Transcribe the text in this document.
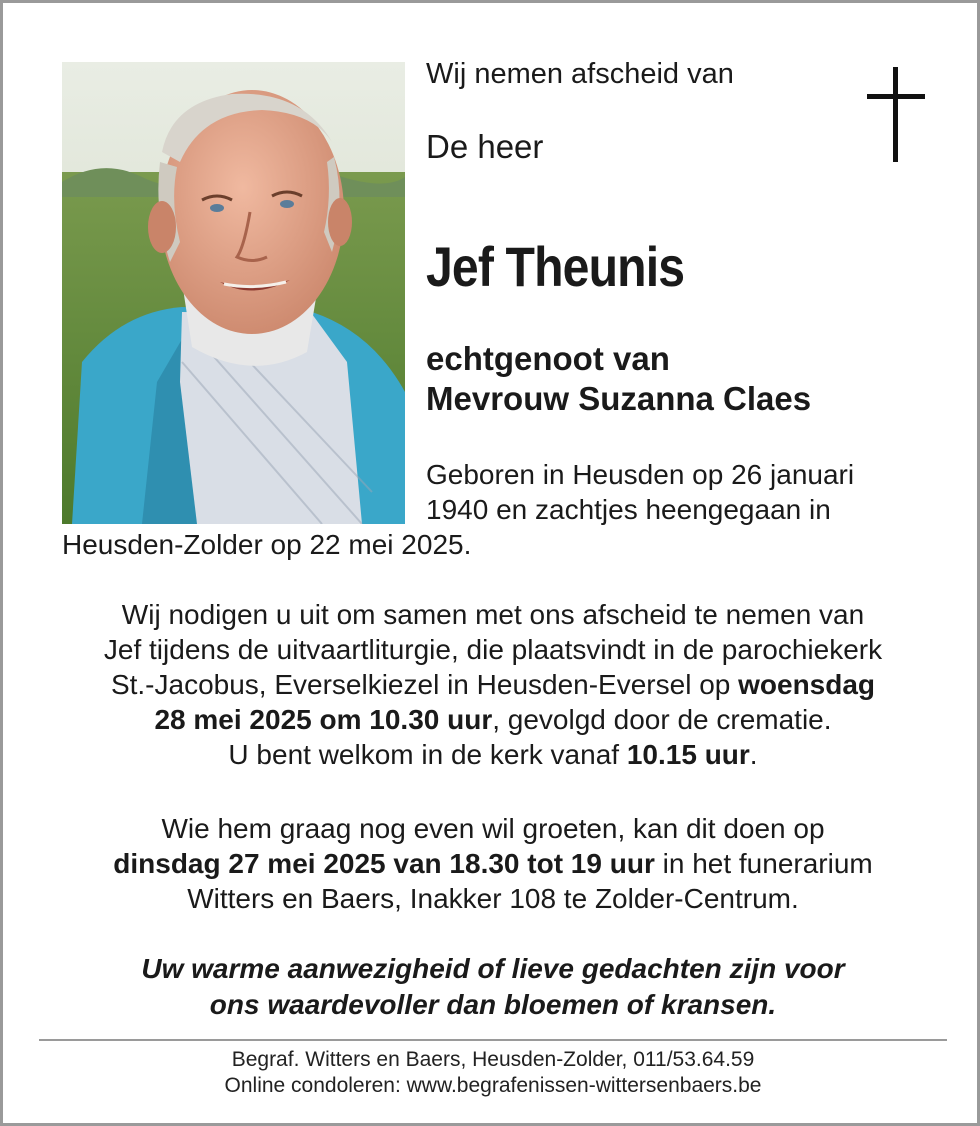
Wij nemen afscheid van
De heer
Jef Theunis
echtgenoot van
Mevrouw Suzanna Claes
Geboren in Heusden op 26 januari
1940 en zachtjes heengegaan in
Heusden-Zolder op 22 mei 2025.
Wij nodigen u uit om samen met ons afscheid te nemen van
Jef tijdens de uitvaartliturgie, die plaatsvindt in de parochiekerk
St.-Jacobus, Everselkiezel in Heusden-Eversel op woensdag
28 mei 2025 om 10.30 uur, gevolgd door de crematie.
U bent welkom in de kerk vanaf 10.15 uur.
Wie hem graag nog even wil groeten, kan dit doen op
dinsdag 27 mei 2025 van 18.30 tot 19 uur in het funerarium
Witters en Baers, Inakker 108 te Zolder-Centrum.
Uw warme aanwezigheid of lieve gedachten zijn voor
ons waardevoller dan bloemen of kransen.
Begraf. Witters en Baers, Heusden-Zolder, 011/53.64.59
Online condoleren: www.begrafenissen-wittersenbaers.be
